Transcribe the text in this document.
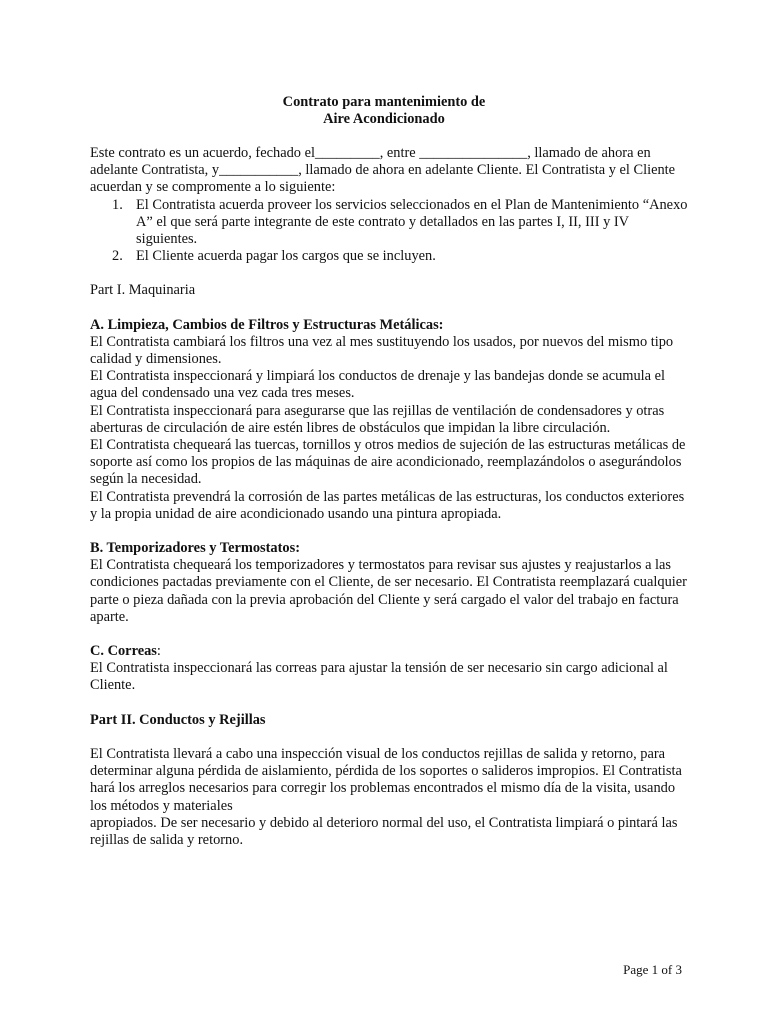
Contrato para mantenimiento de
Aire Acondicionado

Este contrato es un acuerdo, fechado el_________, entre _______________, llamado de ahora en adelante Contratista, y___________, llamado de ahora en adelante Cliente. El Contratista y el Cliente acuerdan y se compromente a lo siguiente:

1. El Contratista acuerda proveer los servicios seleccionados en el Plan de Mantenimiento “Anexo A” el que será parte integrante de este contrato y detallados en las partes I, II, III y IV siguientes.
2. El Cliente acuerda pagar los cargos que se incluyen.

Part I. Maquinaria

A. Limpieza, Cambios de Filtros y Estructuras Metálicas:

El Contratista cambiará los filtros una vez al mes sustituyendo los usados, por nuevos del mismo tipo calidad y dimensiones.

El Contratista inspeccionará y limpiará los conductos de drenaje y las bandejas donde se acumula el agua del condensado una vez cada tres meses.

El Contratista inspeccionará para asegurarse que las rejillas de ventilación de condensadores y otras aberturas de circulación de aire estén libres de obstáculos que impidan la libre circulación.

El Contratista chequeará las tuercas, tornillos y otros medios de sujeción de las estructuras metálicas de soporte así como los propios de las máquinas de aire acondicionado, reemplazándolos o asegurándolos según la necesidad.

El Contratista prevendrá la corrosión de las partes metálicas de las estructuras, los conductos exteriores y la propia unidad de aire acondicionado usando una pintura apropiada.

B. Temporizadores y Termostatos:

El Contratista chequeará los temporizadores y termostatos para revisar sus ajustes y reajustarlos a las condiciones pactadas previamente con el Cliente, de ser necesario. El Contratista reemplazará cualquier parte o pieza dañada con la previa aprobación del Cliente y será cargado el valor del trabajo en factura aparte.

C. Correas:

El Contratista inspeccionará las correas para ajustar la tensión de ser necesario sin cargo adicional al Cliente.

Part II. Conductos y Rejillas

El Contratista llevará a cabo una inspección visual de los conductos rejillas de salida y retorno, para determinar alguna pérdida de aislamiento, pérdida de los soportes o salideros impropios. El Contratista hará los arreglos necesarios para corregir los problemas encontrados el mismo día de la visita, usando los métodos y materiales

apropiados. De ser necesario y debido al deterioro normal del uso, el Contratista limpiará o pintará las rejillas de salida y retorno.

Page 1 of 3
